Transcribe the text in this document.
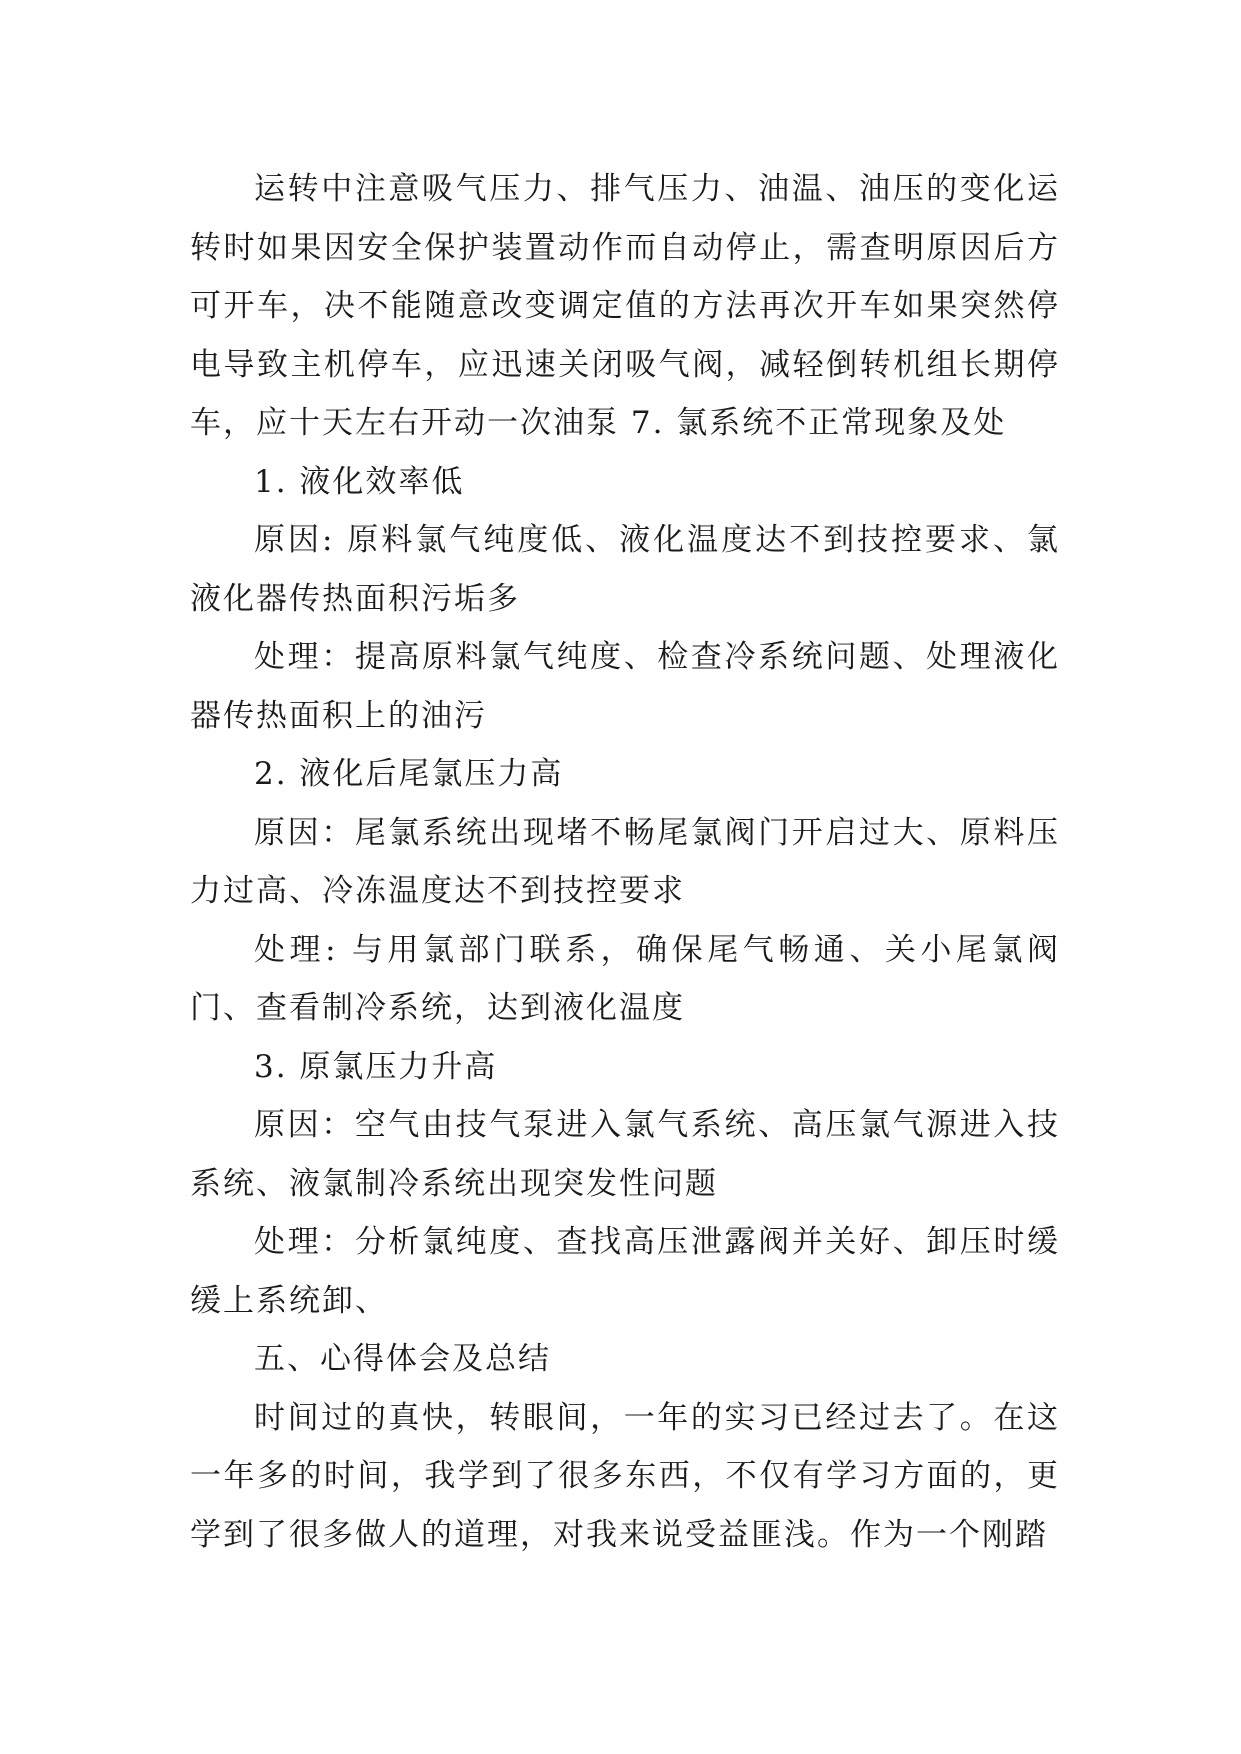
运转中注意吸气压力、排气压力、油温、油压的变化运转时如果因安全保护装置动作而自动停止，需查明原因后方可开车，决不能随意改变调定值的方法再次开车如果突然停电导致主机停车，应迅速关闭吸气阀，减轻倒转机组长期停车，应十天左右开动一次油泵 7. 氯系统不正常现象及处

1. 液化效率低

原因: 原料氯气纯度低、液化温度达不到技控要求、氯液化器传热面积污垢多

处理：提高原料氯气纯度、检查冷系统问题、处理液化器传热面积上的油污

2. 液化后尾氯压力高

原因：尾氯系统出现堵不畅尾氯阀门开启过大、原料压力过高、冷冻温度达不到技控要求

处理: 与用氯部门联系，确保尾气畅通、关小尾氯阀门、查看制冷系统，达到液化温度

3. 原氯压力升高

原因：空气由技气泵进入氯气系统、高压氯气源进入技系统、液氯制冷系统出现突发性问题

处理：分析氯纯度、查找高压泄露阀并关好、卸压时缓缓上系统卸、

五、心得体会及总结

时间过的真快，转眼间，一年的实习已经过去了。在这一年多的时间，我学到了很多东西，不仅有学习方面的，更学到了很多做人的道理，对我来说受益匪浅。作为一个刚踏
